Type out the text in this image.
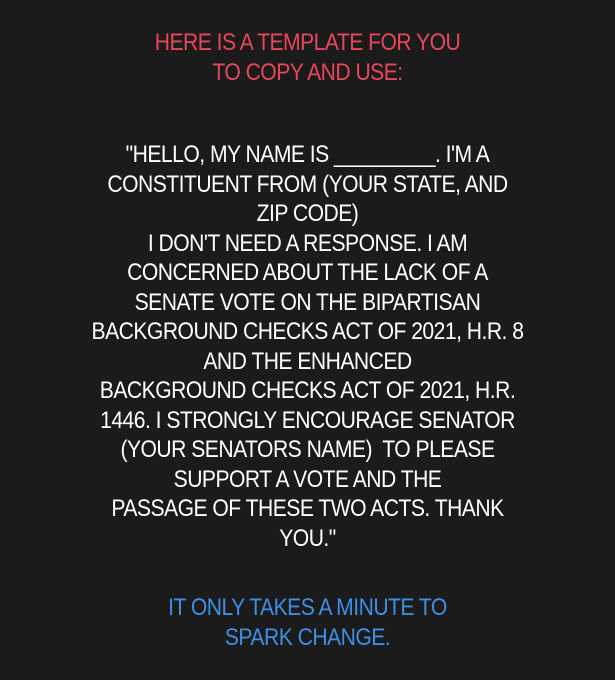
HERE IS A TEMPLATE FOR YOU
TO COPY AND USE:
"HELLO, MY NAME IS _________. I'M A
CONSTITUENT FROM (YOUR STATE, AND
ZIP CODE)
I DON'T NEED A RESPONSE. I AM
CONCERNED ABOUT THE LACK OF A
SENATE VOTE ON THE BIPARTISAN
BACKGROUND CHECKS ACT OF 2021, H.R. 8
AND THE ENHANCED
BACKGROUND CHECKS ACT OF 2021, H.R.
1446. I STRONGLY ENCOURAGE SENATOR
(YOUR SENATORS NAME)  TO PLEASE
SUPPORT A VOTE AND THE
PASSAGE OF THESE TWO ACTS. THANK
YOU."
IT ONLY TAKES A MINUTE TO
SPARK CHANGE.
